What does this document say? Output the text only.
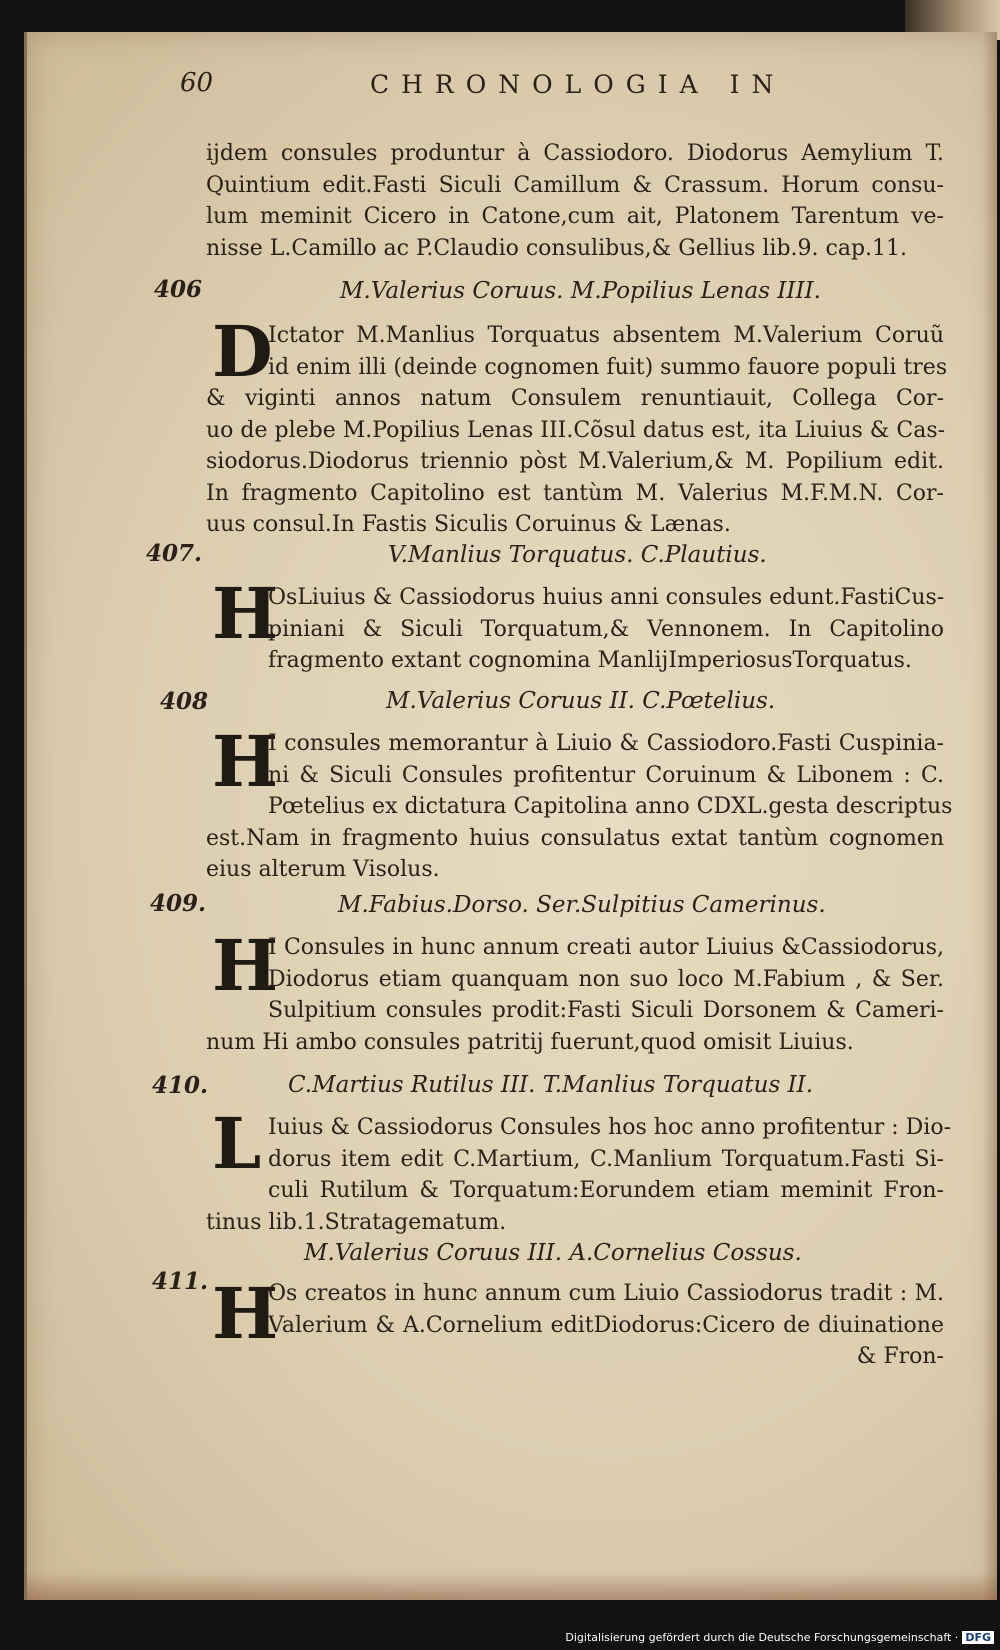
60	CHRONOLOGIA IN
ijdem consules produntur à Cassiodoro. Diodorus Aemylium T.
Quintium edit.Fasti Siculi Camillum & Crassum. Horum consu-
lum meminit Cicero in Catone,cum ait, Platonem Tarentum ve-
nisse L.Camillo ac P.Claudio consulibus,& Gellius lib.9. cap.11.
406	M.Valerius Coruus. M.Popilius Lenas IIII.
D
Ictator M.Manlius Torquatus absentem M.Valerium Coruũ
id enim illi (deinde cognomen fuit) summo fauore populi tres
& viginti annos natum Consulem renuntiauit, Collega Cor-
uo de plebe M.Popilius Lenas III.Cõsul datus est, ita Liuius & Cas-
siodorus.Diodorus triennio pòst M.Valerium,& M. Popilium edit.
In fragmento Capitolino est tantùm M. Valerius M.F.M.N. Cor-
uus consul.In Fastis Siculis Coruinus & Lænas.
407.	V.Manlius Torquatus. C.Plautius.
H
OsLiuius & Cassiodorus huius anni consules edunt.FastiCus-
piniani & Siculi Torquatum,& Vennonem. In Capitolino
fragmento extant cognomina ManlijImperiosusTorquatus.
408	M.Valerius Coruus II. C.Pœtelius.
H
I consules memorantur à Liuio & Cassiodoro.Fasti Cuspinia-
ni & Siculi Consules profitentur Coruinum & Libonem : C.
Pœtelius ex dictatura Capitolina anno CDXL.gesta descriptus
est.Nam in fragmento huius consulatus extat tantùm cognomen
eius alterum Visolus.
409.	M.Fabius.Dorso. Ser.Sulpitius Camerinus.
H
I Consules in hunc annum creati autor Liuius &Cassiodorus,
Diodorus etiam quanquam non suo loco M.Fabium , & Ser.
Sulpitium consules prodit:Fasti Siculi Dorsonem & Cameri-
num Hi ambo consules patritij fuerunt,quod omisit Liuius.
410.	C.Martius Rutilus III. T.Manlius Torquatus II.
L Iuius & Cassiodorus Consules hos hoc anno profitentur : Dio-
dorus item edit C.Martium, C.Manlium Torquatum.Fasti Si-
culi Rutilum & Torquatum:Eorundem etiam meminit Fron-
tinus lib.1.Stratagematum.
M.Valerius Coruus III. A.Cornelius Cossus.
411. H
Os creatos in hunc annum cum Liuio Cassiodorus tradit : M.
Valerium & A.Cornelium editDiodorus:Cicero de diuinatione
& Fron-
Digitalisierung gefördert durch die Deutsche Forschungsgemeinschaft · DFG
